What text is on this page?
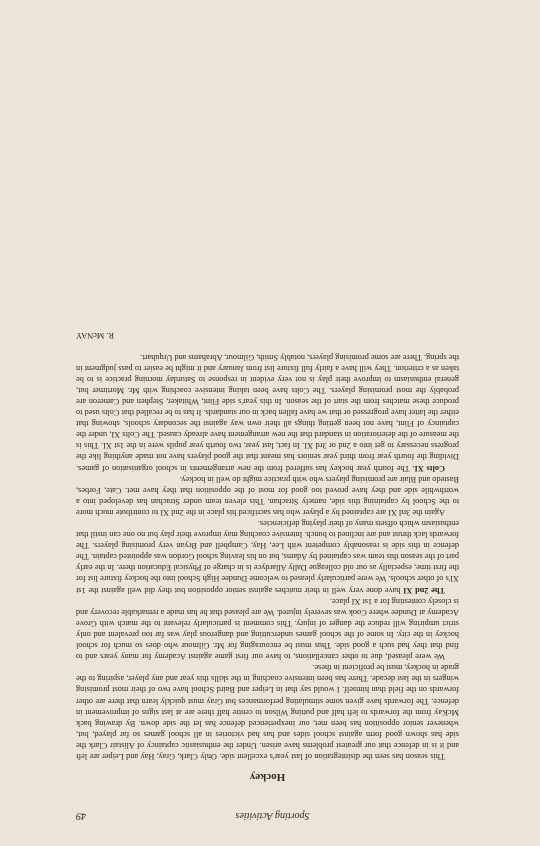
Sporting Activities
49
Hockey

This season has seen the disintegration of last year's excellent side. Only Clark, Gray, Hay and Leiper are left and it is in defence that our greatest problems have arisen. Under the enthusiastic captaincy of Alistair Clark the side has shown good form against school sides and has had victories in all school games so far played, but, whenever senior opposition has been met, our inexperienced defence has let the side down. By drawing back McKay from the forwards to left half and putting Wilson to centre half there are at last signs of improvement in defence. The forwards have given some stimulating performances but Gray must quickly learn that there are other forwards on the field than himself. I would say that in Leiper and Baird School have two of their most promising wingers in the last decade. There has been intensive coaching in the skills this year and any player, aspiring to the grade in hockey, must be proficient in these.

We were pleased, due to other cancellations, to have our first game against Academy for many years and to find that they had such a good side. Thus must be encouraging for Mr. Gilmour who does so much for school hockey in the city. In some of the school games undercutting and dangerous play was far too prevalent and only strict umpiring will reduce the danger of injury. This comment is particularly relevant to the match with Grove Academy at Dundee where Cook was severely injured. We are pleased that he has made a remarkable recovery and is closely contesting for a 1st XI place.

The 2nd XI have done very well in their matches against senior opposition but they did well against the 1st XI's of other schools. We were particularly pleased to welcome Dundee High School into the hockey fixture list for the first time, especially as our old colleague Dally Allardyce is in charge of Physical Education there. In the early part of the season this team was captained by Adams, but on his leaving school Gordon was appointed captain. The defence in this side is reasonably competent with Lee, Hay, Campbell and Bryan very promising players. The forwards lack thrust and are inclined to bunch. Intensive coaching may improve their play but no one can instil that enthusiasm which offsets many of their playing deficiencies.

Again the 3rd XI are captained by a player who has sacrificed his place in the 2nd XI to contribute much more to the School by captaining this side, namely Strachan. This eleven team under Strachan has developed into a worthwhile side and they have proved too good for most of the opposition that they have met. Cate, Forbes, Bastedo and Blair are promising players who with practice might do well in hockey.

Colts XI. The fourth year hockey has suffered from the new arrangements in school organisation of games. Dividing the fourth year from third year seniors has meant that the good players have not made anything like the progress necessary to get into a 2nd or 3rd XI. In fact, last year, two fourth year pupils were in the 1st XI. This is the measure of the deterioration in standard that the new arrangement have already caused. The Colts XI, under the captaincy of Flint, have not been getting things all their own way against the secondary schools, showing that either the latter have progressed or that we have fallen back in our standards. It has to be recalled that Colts used to produce these matches from the start of the season. In this year's side Flint, Whitaker, Stephen and Cameron are probably the most promising players. The Colts have been taking intensive coaching with Mr. Mortimer but, general enthusiasm to improve their play is not very evident in response to Saturday morning practice is to be taken as a criterion. They will have a fairly full fixture list from January and it might be easier to pass judgment in the spring. There are some promising players, notably Smith, Gilmour, Abrahams and Urquhart.

R. McNAY
